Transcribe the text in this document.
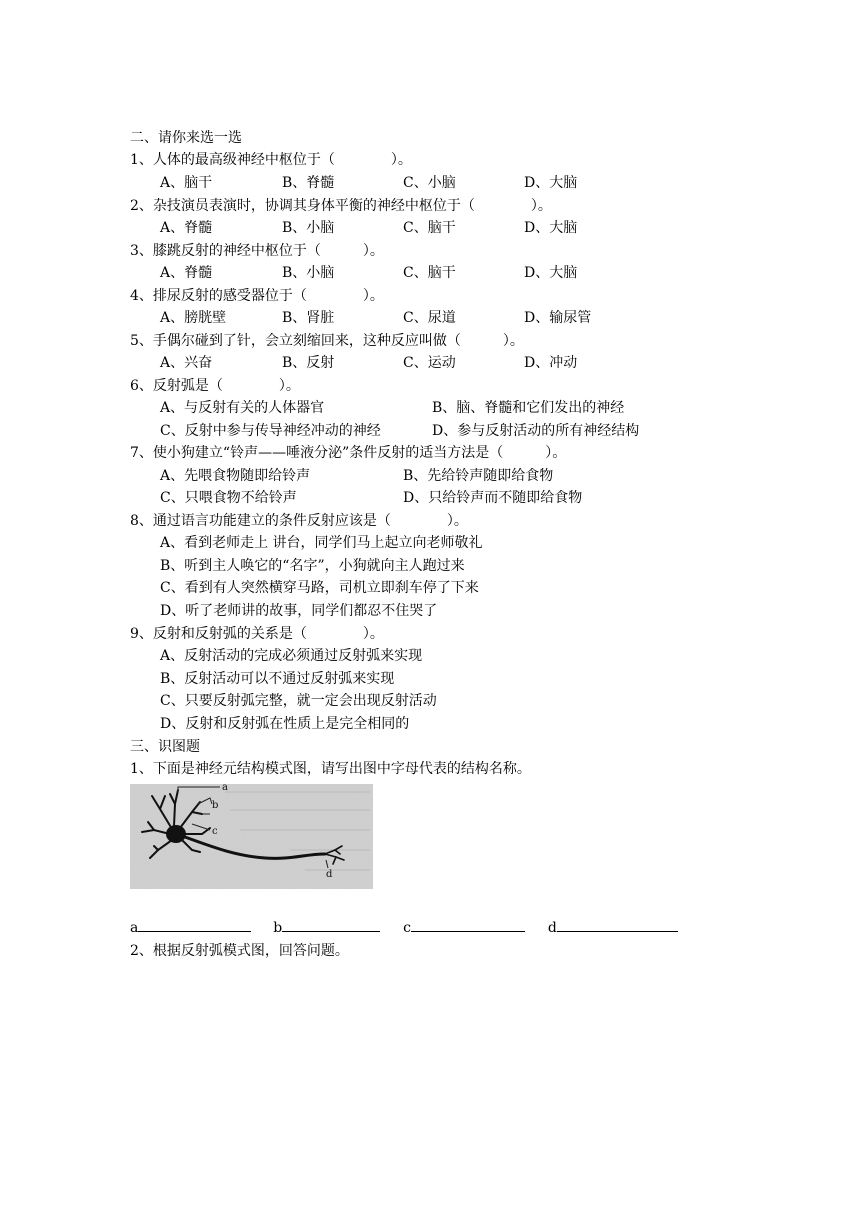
二、请你来选一选
1、人体的最高级神经中枢位于（　　　　）。
A、脑干	B、脊髓	C、小脑	D、大脑
2、杂技演员表演时，协调其身体平衡的神经中枢位于（　　　　）。
A、脊髓	B、小脑	C、脑干	D、大脑
3、膝跳反射的神经中枢位于（　　　）。
A、脊髓	B、小脑	C、脑干	D、大脑
4、排尿反射的感受器位于（　　　　）。
A、膀胱壁	B、肾脏	C、尿道	D、输尿管
5、手偶尔碰到了针，会立刻缩回来，这种反应叫做（　　　）。
A、兴奋	B、反射	C、运动	D、冲动
6、反射弧是（　　　　）。
A、与反射有关的人体器官	B、脑、脊髓和它们发出的神经
C、反射中参与传导神经冲动的神经	D、参与反射活动的所有神经结构
7、使小狗建立“铃声——唾液分泌”条件反射的适当方法是（　　　）。
A、先喂食物随即给铃声	B、先给铃声随即给食物
C、只喂食物不给铃声	D、只给铃声而不随即给食物
8、通过语言功能建立的条件反射应该是（　　　　）。
A、看到老师走上 讲台，同学们马上起立向老师敬礼
B、听到主人唤它的“名字”，小狗就向主人跑过来
C、看到有人突然横穿马路，司机立即刹车停了下来
D、听了老师讲的故事，同学们都忍不住哭了
9、反射和反射弧的关系是（　　　　）。
A、反射活动的完成必须通过反射弧来实现
B、反射活动可以不通过反射弧来实现
C、只要反射弧完整，就一定会出现反射活动
D、反射和反射弧在性质上是完全相同的
三、识图题
1、下面是神经元结构模式图，请写出图中字母代表的结构名称。
a
b
c
d
a	b	c	d
2、根据反射弧模式图，回答问题。
